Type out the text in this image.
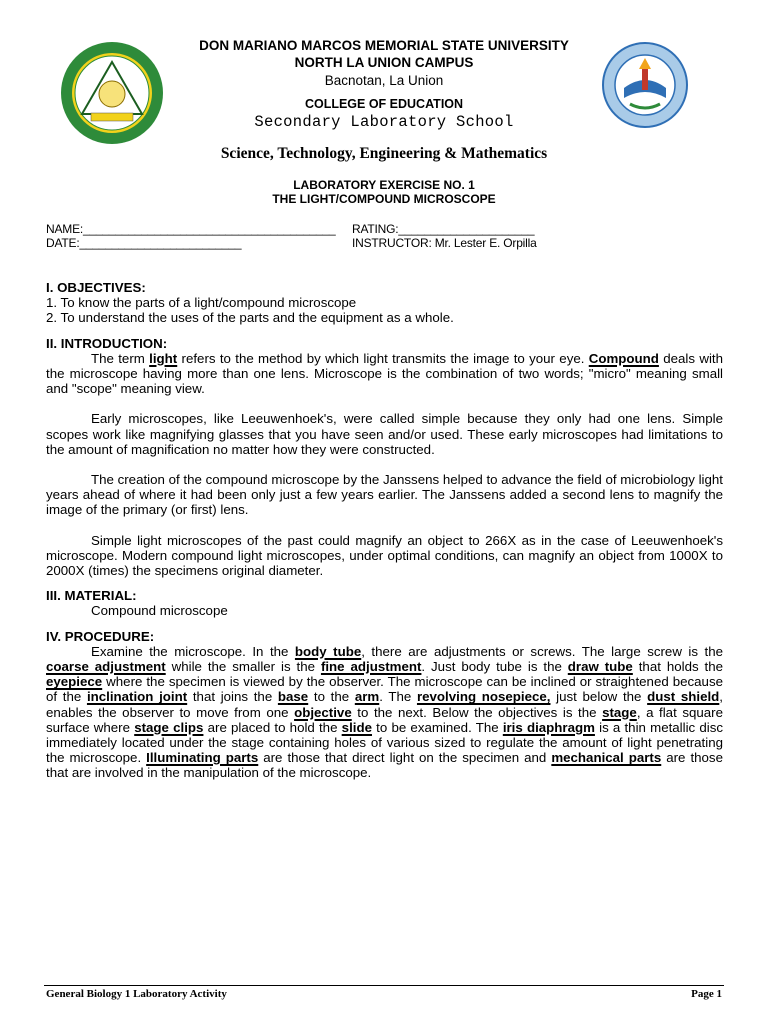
DON MARIANO MARCOS MEMORIAL STATE UNIVERSITY
NORTH LA UNION CAMPUS
Bacnotan, La Union
COLLEGE OF EDUCATION
Secondary Laboratory School
Science, Technology, Engineering & Mathematics
LABORATORY EXERCISE NO. 1
THE LIGHT/COMPOUND MICROSCOPE
NAME:_______________________________________ RATING:_____________________
DATE:_________________________	INSTRUCTOR: Mr. Lester E. Orpilla

I. OBJECTIVES:

1. To know the parts of a light/compound microscope

2. To understand the uses of the parts and the equipment as a whole.

II. INTRODUCTION:

The term light refers to the method by which light transmits the image to your eye. Compound deals with the microscope having more than one lens. Microscope is the combination of two words; "micro" meaning small and "scope" meaning view.

Early microscopes, like Leeuwenhoek's, were called simple because they only had one lens. Simple scopes work like magnifying glasses that you have seen and/or used. These early microscopes had limitations to the amount of magnification no matter how they were constructed.

The creation of the compound microscope by the Janssens helped to advance the field of microbiology light years ahead of where it had been only just a few years earlier. The Janssens added a second lens to magnify the image of the primary (or first) lens.

Simple light microscopes of the past could magnify an object to 266X as in the case of Leeuwenhoek's microscope. Modern compound light microscopes, under optimal conditions, can magnify an object from 1000X to 2000X (times) the specimens original diameter.

III. MATERIAL:

Compound microscope

IV. PROCEDURE:

Examine the microscope. In the body tube, there are adjustments or screws. The large screw is the coarse adjustment while the smaller is the fine adjustment. Just body tube is the draw tube that holds the eyepiece where the specimen is viewed by the observer. The microscope can be inclined or straightened because of the inclination joint that joins the base to the arm. The revolving nosepiece, just below the dust shield, enables the observer to move from one objective to the next. Below the objectives is the stage, a flat square surface where stage clips are placed to hold the slide to be examined. The iris diaphragm is a thin metallic disc immediately located under the stage containing holes of various sized to regulate the amount of light penetrating the microscope. Illuminating parts are those that direct light on the specimen and mechanical parts are those that are involved in the manipulation of the microscope.

General Biology 1 Laboratory Activity	Page 1
